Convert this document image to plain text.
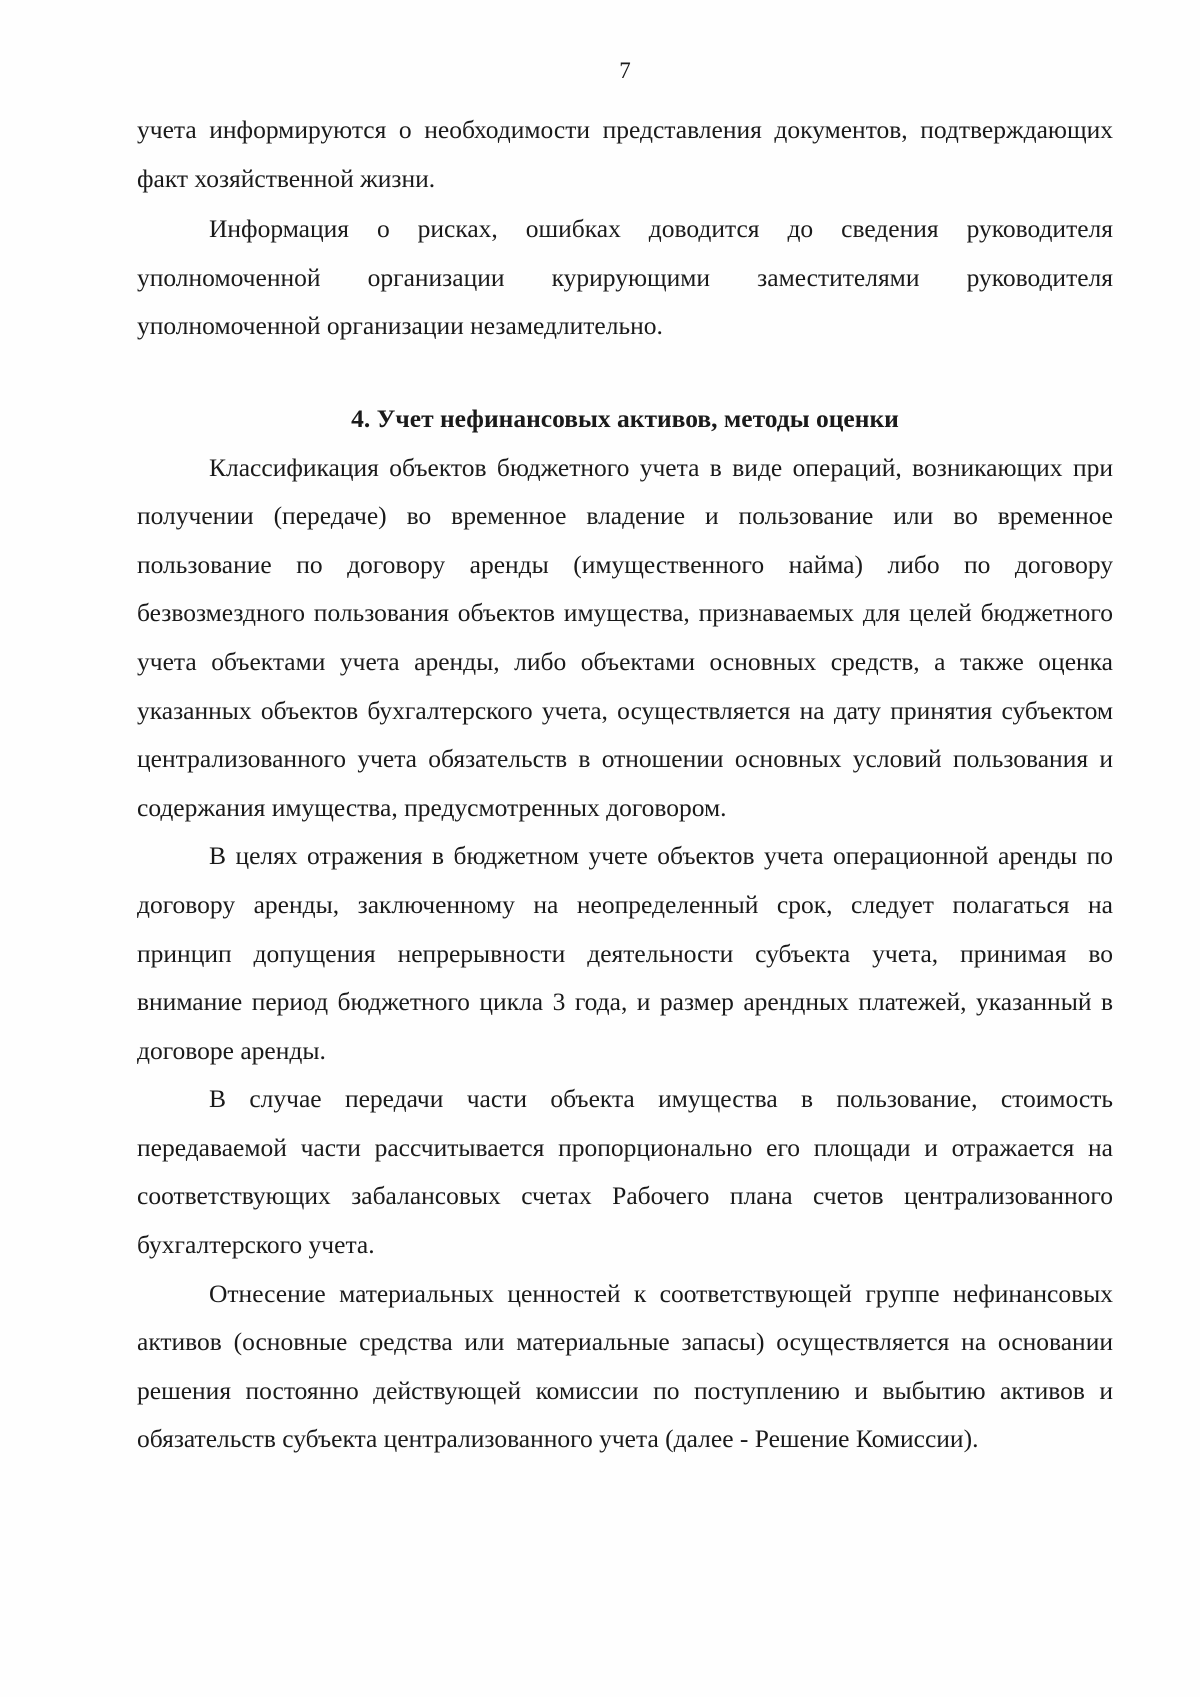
7

учета информируются о необходимости представления документов, подтверждающих факт хозяйственной жизни.

Информация о рисках, ошибках доводится до сведения руководителя уполномоченной организации курирующими заместителями руководителя уполномоченной организации незамедлительно.

4. Учет нефинансовых активов, методы оценки

Классификация объектов бюджетного учета в виде операций, возникающих при получении (передаче) во временное владение и пользование или во временное пользование по договору аренды (имущественного найма) либо по договору безвозмездного пользования объектов имущества, признаваемых для целей бюджетного учета объектами учета аренды, либо объектами основных средств, а также оценка указанных объектов бухгалтерского учета, осуществляется на дату принятия субъектом централизованного учета обязательств в отношении основных условий пользования и содержания имущества, предусмотренных договором.

В целях отражения в бюджетном учете объектов учета операционной аренды по договору аренды, заключенному на неопределенный срок, следует полагаться на принцип допущения непрерывности деятельности субъекта учета, принимая во внимание период бюджетного цикла 3 года, и размер арендных платежей, указанный в договоре аренды.

В случае передачи части объекта имущества в пользование, стоимость передаваемой части рассчитывается пропорционально его площади и отражается на соответствующих забалансовых счетах Рабочего плана счетов централизованного бухгалтерского учета.

Отнесение материальных ценностей к соответствующей группе нефинансовых активов (основные средства или материальные запасы) осуществляется на основании решения постоянно действующей комиссии по поступлению и выбытию активов и обязательств субъекта централизованного учета (далее - Решение Комиссии).
